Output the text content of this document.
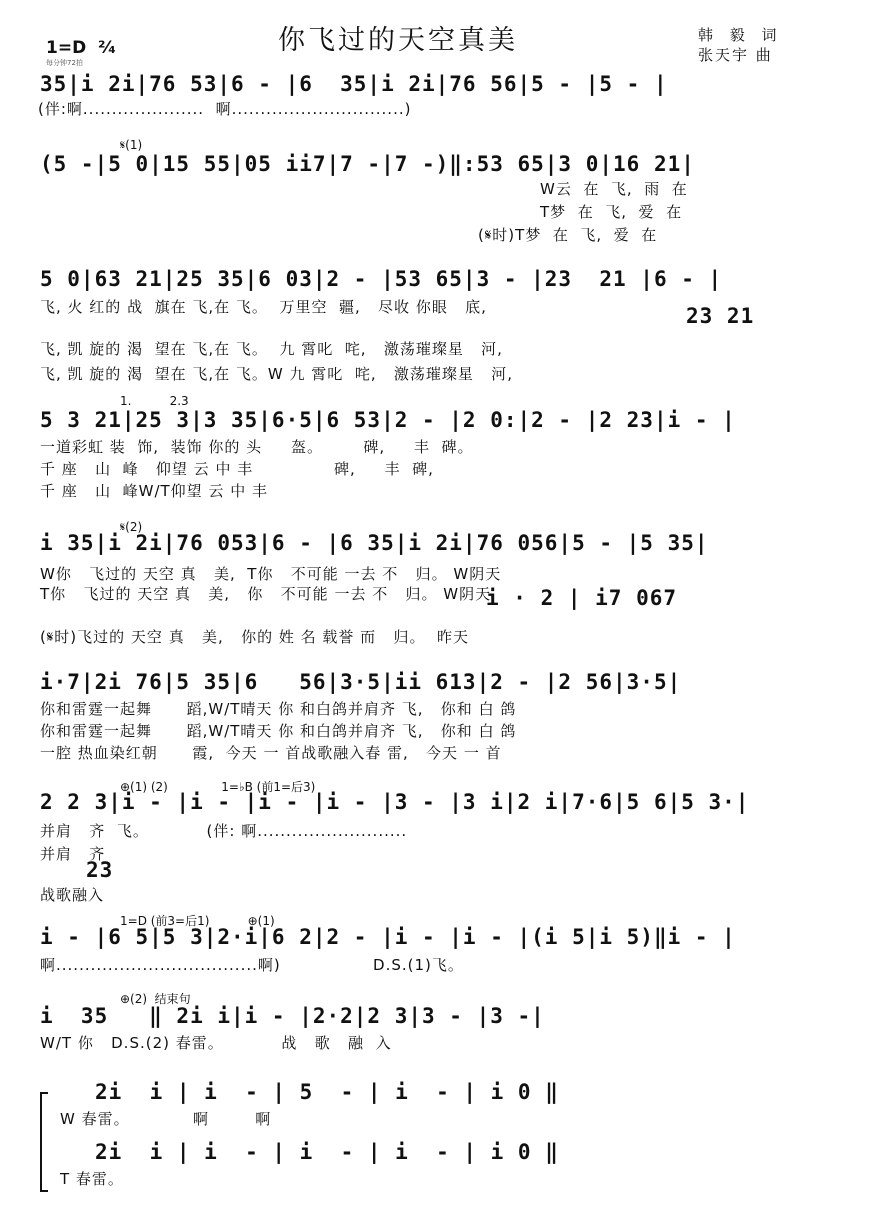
你飞过的天空真美	韩 毅 词
张天宇 曲
1=D  ²⁄₄
每分钟72拍
35|i 2i|76 53|6 - |6  35|i 2i|76 56|5 - |5 - |
(伴:啊.....................  啊..............................)
𝄋(1)
(5 -|5 0|15 55|05 ii7|7 -|7 -)‖:53 65|3 0|16 21|
W云  在  飞,  雨  在
T梦  在  飞,  爱  在
(𝄋时)T梦  在  飞,  爱  在
5 0|63 21|25 35|6 03|2 - |53 65|3 - |23  21 |6 - |
飞, 火 红的 战  旗在 飞,在 飞。  万里空  疆,   尽收 你眼   底,
飞, 凯 旋的 渴  望在 飞,在 飞。  九 霄叱  咤,   激荡璀璨星   河,
飞, 凯 旋的 渴  望在 飞,在 飞。W 九 霄叱  咤,   激荡璀璨星   河,
23 21
1.          2.3
5 3 21|25 3|3 35|6·5|6 53|2 - |2 0:|2 - |2 23|i - |
一道彩虹 装  饰,  装饰 你的 头     盔。       碑,     丰  碑。
千 座   山  峰   仰望 云 中 丰              碑,     丰  碑,
千 座   山  峰W/T仰望 云 中 丰
𝄋(2)
i 35|i 2i|76 053|6 - |6 35|i 2i|76 056|5 - |5 35|
W你   飞过的 天空 真   美,  T你   不可能 一去 不   归。 W阴天
T你   飞过的 天空 真   美,   你   不可能 一去 不   归。 W阴天
(𝄋时)飞过的 天空 真   美,   你的 姓 名 载誉 而   归。  昨天
i · 2 | i7 067
i·7|2i 76|5 35|6   56|3·5|ii 613|2 - |2 56|3·5|
你和雷霆一起舞      蹈,W/T晴天 你 和白鸽并肩齐 飞,   你和 白 鸽
你和雷霆一起舞      蹈,W/T晴天 你 和白鸽并肩齐 飞,   你和 白 鸽
一腔 热血染红朝      霞,  今天 一 首战歌融入春 雷,   今天 一 首
⊕(1) (2)              1=♭B (前1=后3)
2 2 3|i - |i - |i - |i - |3 - |3 i|2 i|7·6|5 6|5 3·|
并肩   齐  飞。          (伴: 啊..........................
并肩   齐
23
战歌融入
1=D (前3=后1)          ⊕(1)
i - |6 5|5 3|2·i|6 2|2 - |i - |i - |(i 5|i 5)‖i - |
啊...................................啊)                D.S.(1)飞。
⊕(2)  结束句
i  35   ‖ 2i i|i - |2·2|2 3|3 - |3 -|
W/T 你   D.S.(2) 春雷。          战   歌   融  入
2i  i | i  - | 5  - | i  - | i 0 ‖
W 春雷。           啊        啊
2i  i | i  - | i  - | i  - | i 0 ‖
T 春雷。
